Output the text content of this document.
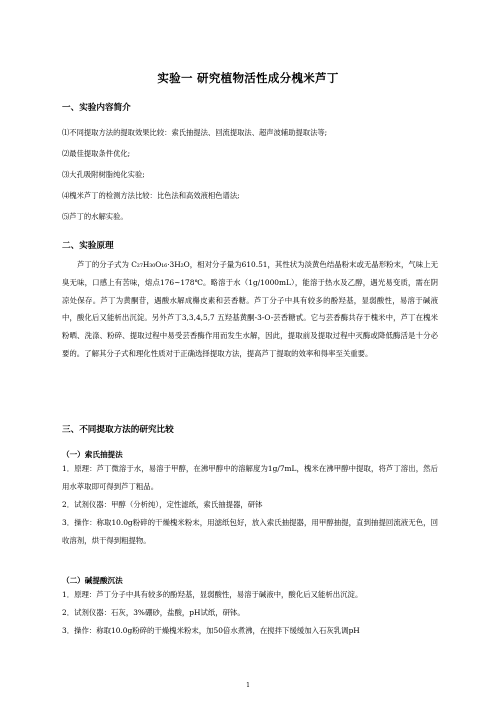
实验一 研究植物活性成分槐米芦丁
一、实验内容简介
⑴不同提取方法的提取效果比较：索氏抽提法、回流提取法、超声波辅助提取法等;
⑵最佳提取条件优化;
⑶大孔吸附树脂纯化实验;
⑷槐米芦丁的检测方法比较：比色法和高效液相色谱法;
⑸芦丁的水解实验。
二、实验原理
芦丁的分子式为 C₂₇H₃₀O₁₆·3H₂O，相对分子量为610.51，其性状为淡黄色结晶粉末或无晶形粉末，气味上无臭无味，口感上有苦味，熔点176~178℃。略溶于水（1g/1000mL），能溶于热水及乙醇，遇光易变质，需在阴凉处保存。芦丁为黄酮苷，遇酸水解成槲皮素和芸香糖。芦丁分子中具有较多的酚羟基，显弱酸性，易溶于碱液中，酸化后又能析出沉淀。另外芦丁3,3,4,5,7 五羟基黄酮-3-O-芸香糖甙。它与芸香酶共存于槐米中，芦丁在槐米粉晒、洗涤、粉碎、提取过程中易受芸香酶作用而发生水解，因此，提取前及提取过程中灭酶或降低酶活是十分必要的。了解其分子式和理化性质对于正确选择提取方法，提高芦丁提取的效率和得率至关重要。
三、不同提取方法的研究比较
（一）索氏抽提法
1．原理：芦丁微溶于水，易溶于甲醇，在沸甲醇中的溶解度为1g/7mL，槐米在沸甲醇中提取，将芦丁溶出，然后用水萃取即可得到芦丁粗品。
2．试剂仪器：甲醇（分析纯），定性滤纸，索氏抽提器，研钵
3．操作：称取10.0g粉碎的干燥槐米粉末，用滤纸包好，放入索氏抽提器，用甲醇抽提，直到抽提回流液无色，回收溶剂，烘干得到粗提物。
（二）碱提酸沉法
1．原理：芦丁分子中具有较多的酚羟基，显弱酸性，易溶于碱液中，酸化后又能析出沉淀。
2．试剂仪器：石灰，3%硼砂，盐酸，pH试纸，研钵。
3．操作：称取10.0g粉碎的干燥槐米粉末，加50倍水煮沸，在搅拌下缓缓加入石灰乳调pH
1
